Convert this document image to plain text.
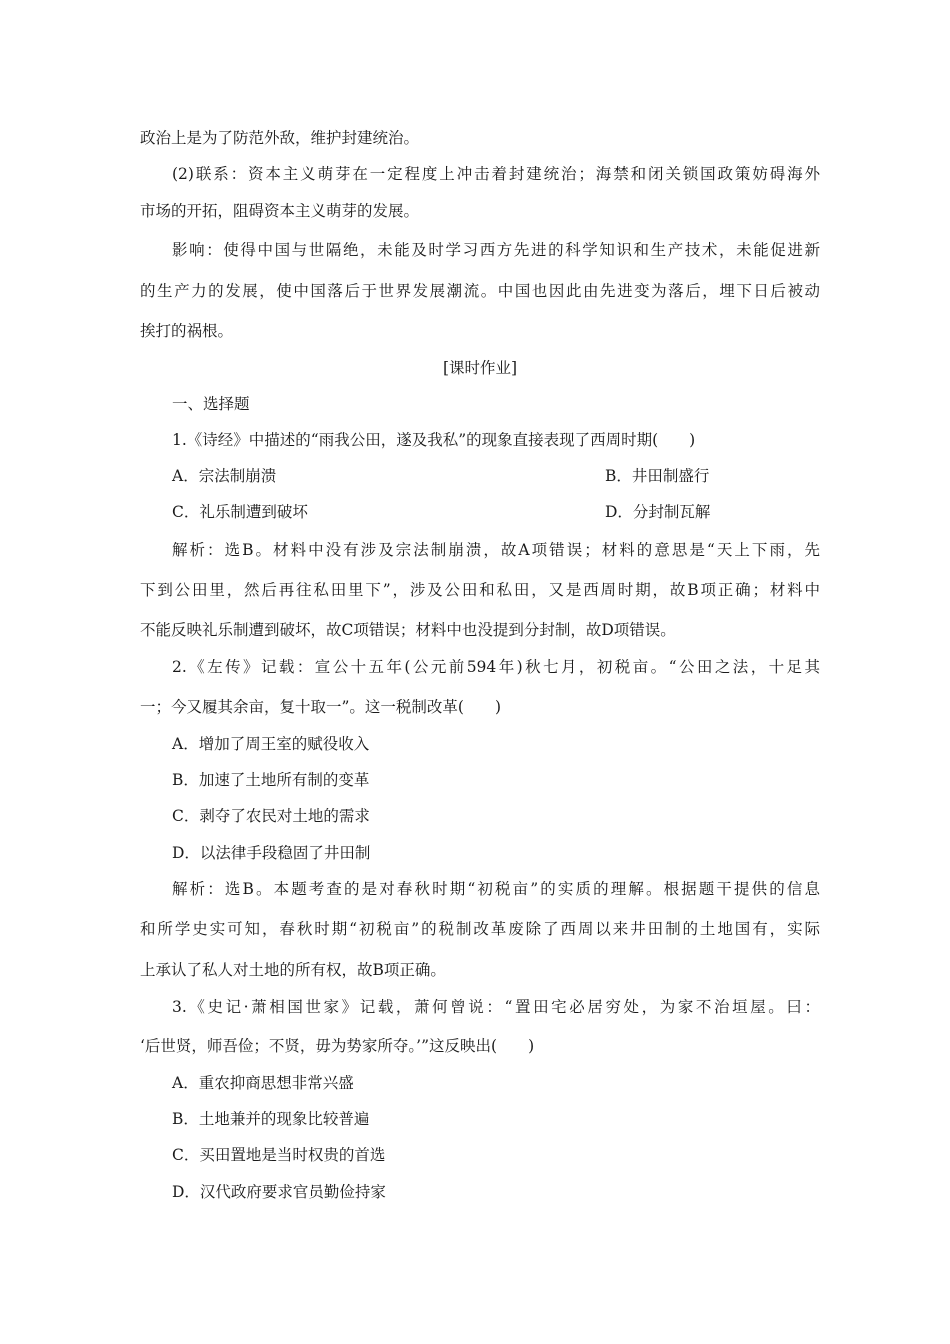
政治上是为了防范外敌，维护封建统治。
(2)联系：资本主义萌芽在一定程度上冲击着封建统治；海禁和闭关锁国政策妨碍海外
市场的开拓，阻碍资本主义萌芽的发展。
影响：使得中国与世隔绝，未能及时学习西方先进的科学知识和生产技术，未能促进新
的生产力的发展，使中国落后于世界发展潮流。中国也因此由先进变为落后，埋下日后被动
挨打的祸根。
[课时作业]
一、选择题
1.《诗经》中描述的“雨我公田，遂及我私”的现象直接表现了西周时期(　　)
A．宗法制崩溃	B．井田制盛行
C．礼乐制遭到破坏	D．分封制瓦解
解析：选B。材料中没有涉及宗法制崩溃，故A项错误；材料的意思是“天上下雨，先
下到公田里，然后再往私田里下”，涉及公田和私田，又是西周时期，故B项正确；材料中
不能反映礼乐制遭到破坏，故C项错误；材料中也没提到分封制，故D项错误。
2.《左传》记载：宣公十五年(公元前594年)秋七月，初税亩。“公田之法，十足其
一；今又履其余亩，复十取一”。这一税制改革(　　)
A．增加了周王室的赋役收入
B．加速了土地所有制的变革
C．剥夺了农民对土地的需求
D．以法律手段稳固了井田制
解析：选B。本题考查的是对春秋时期“初税亩”的实质的理解。根据题干提供的信息
和所学史实可知，春秋时期“初税亩”的税制改革废除了西周以来井田制的土地国有，实际
上承认了私人对土地的所有权，故B项正确。
3.《史记·萧相国世家》记载，萧何曾说：“置田宅必居穷处，为家不治垣屋。曰：
‘后世贤，师吾俭；不贤，毋为势家所夺。’”这反映出(　　)
A．重农抑商思想非常兴盛
B．土地兼并的现象比较普遍
C．买田置地是当时权贵的首选
D．汉代政府要求官员勤俭持家
